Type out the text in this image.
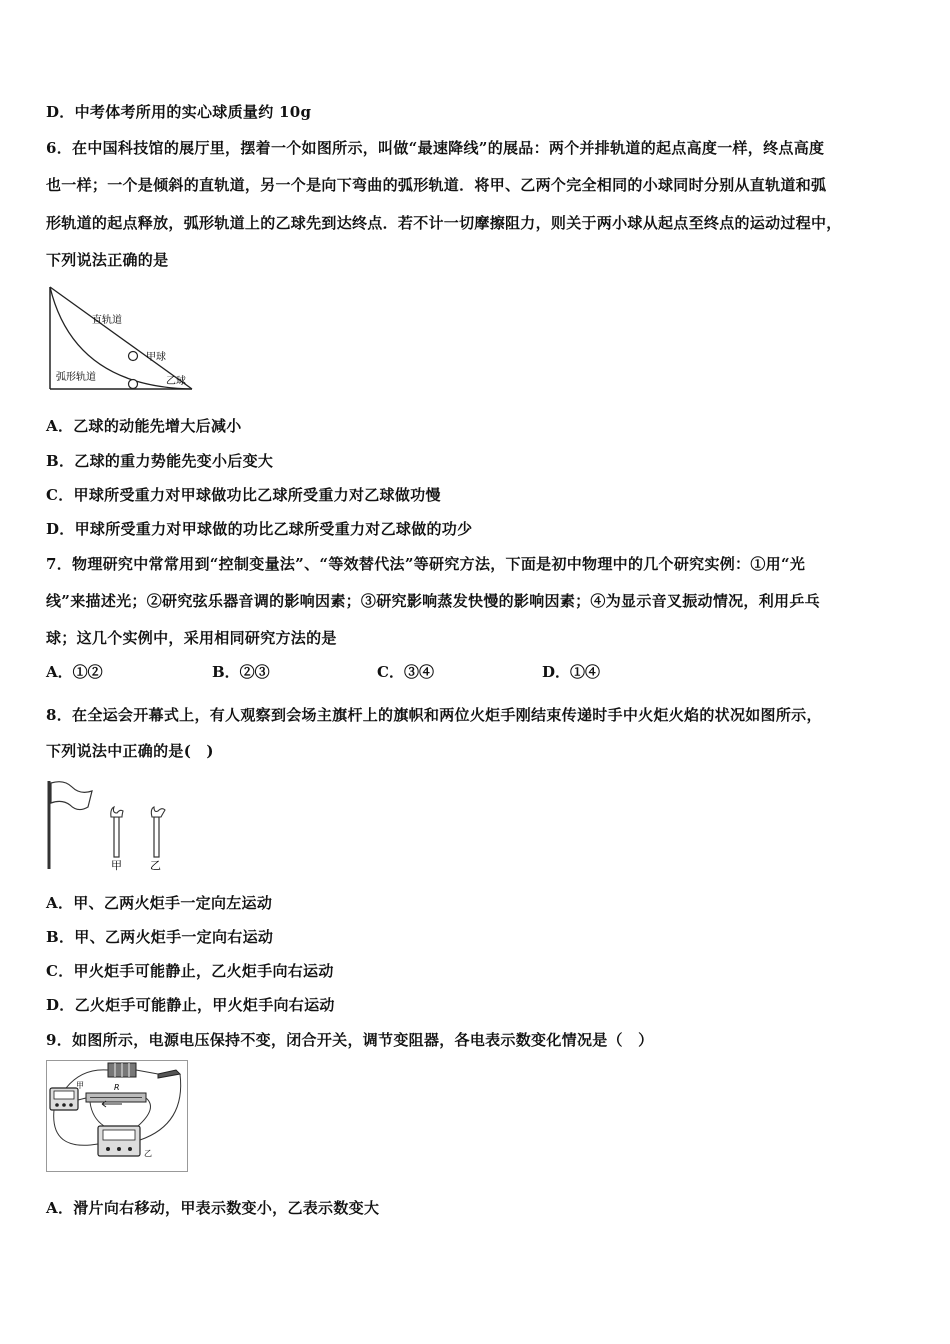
D．中考体考所用的实心球质量约 10g
6．在中国科技馆的展厅里，摆着一个如图所示，叫做“最速降线”的展品：两个并排轨道的起点高度一样，终点高度
也一样；一个是倾斜的直轨道，另一个是向下弯曲的弧形轨道．将甲、乙两个完全相同的小球同时分别从直轨道和弧
形轨道的起点释放，弧形轨道上的乙球先到达终点．若不计一切摩擦阻力，则关于两小球从起点至终点的运动过程中，
下列说法正确的是
直轨道
甲球
弧形轨道	乙球
A．乙球的动能先增大后减小
B．乙球的重力势能先变小后变大
C．甲球所受重力对甲球做功比乙球所受重力对乙球做功慢
D．甲球所受重力对甲球做的功比乙球所受重力对乙球做的功少
7．物理研究中常常用到“控制变量法”、“等效替代法”等研究方法，下面是初中物理中的几个研究实例：①用“光
线”来描述光；②研究弦乐器音调的影响因素；③研究影响蒸发快慢的影响因素；④为显示音叉振动情况，利用乒乓
球；这几个实例中，采用相同研究方法的是
A．①②	B．②③	C．③④	D．①④
8．在全运会开幕式上，有人观察到会场主旗杆上的旗帜和两位火炬手刚结束传递时手中火炬火焰的状况如图所示，
下列说法中正确的是(　)
甲	乙
A．甲、乙两火炬手一定向左运动
B．甲、乙两火炬手一定向右运动
C．甲火炬手可能静止，乙火炬手向右运动
D．乙火炬手可能静止，甲火炬手向右运动
9．如图所示，电源电压保持不变，闭合开关，调节变阻器，各电表示数变化情况是（　）
甲	R
乙
A．滑片向右移动，甲表示数变小，乙表示数变大
